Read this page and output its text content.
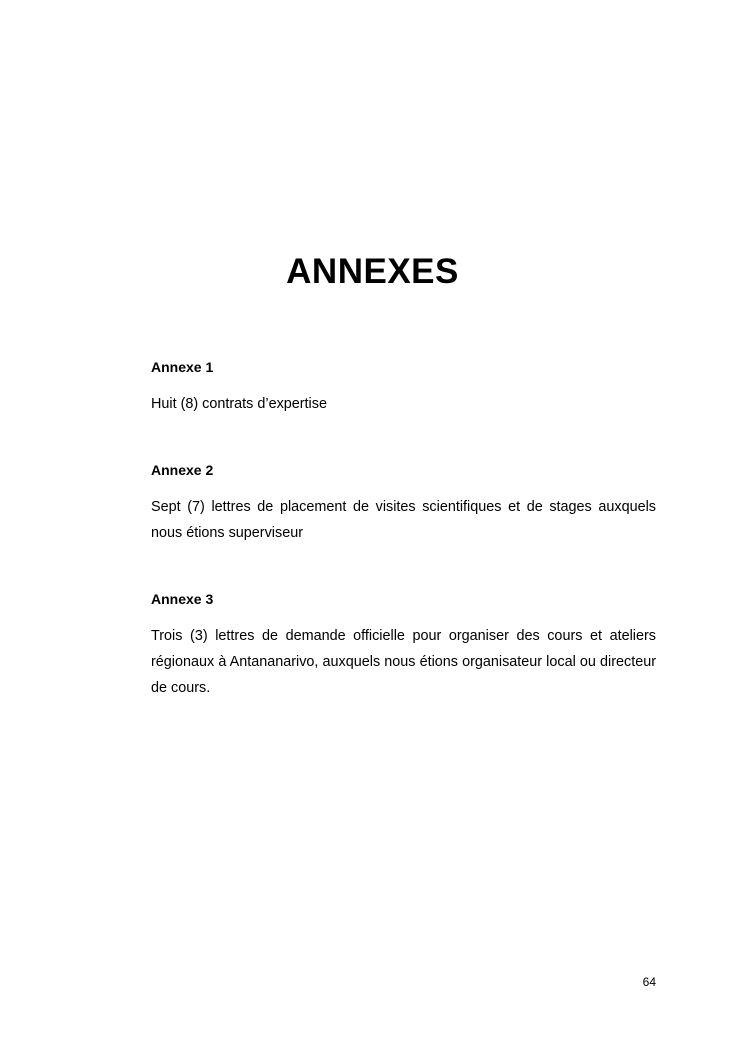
ANNEXES
Annexe 1

Huit (8) contrats d’expertise

Annexe 2

Sept (7) lettres de placement de visites scientifiques et de stages auxquels nous étions superviseur

Annexe 3

Trois (3) lettres de demande officielle pour organiser des cours et ateliers régionaux à Antananarivo, auxquels nous étions organisateur local ou directeur de cours.

64
